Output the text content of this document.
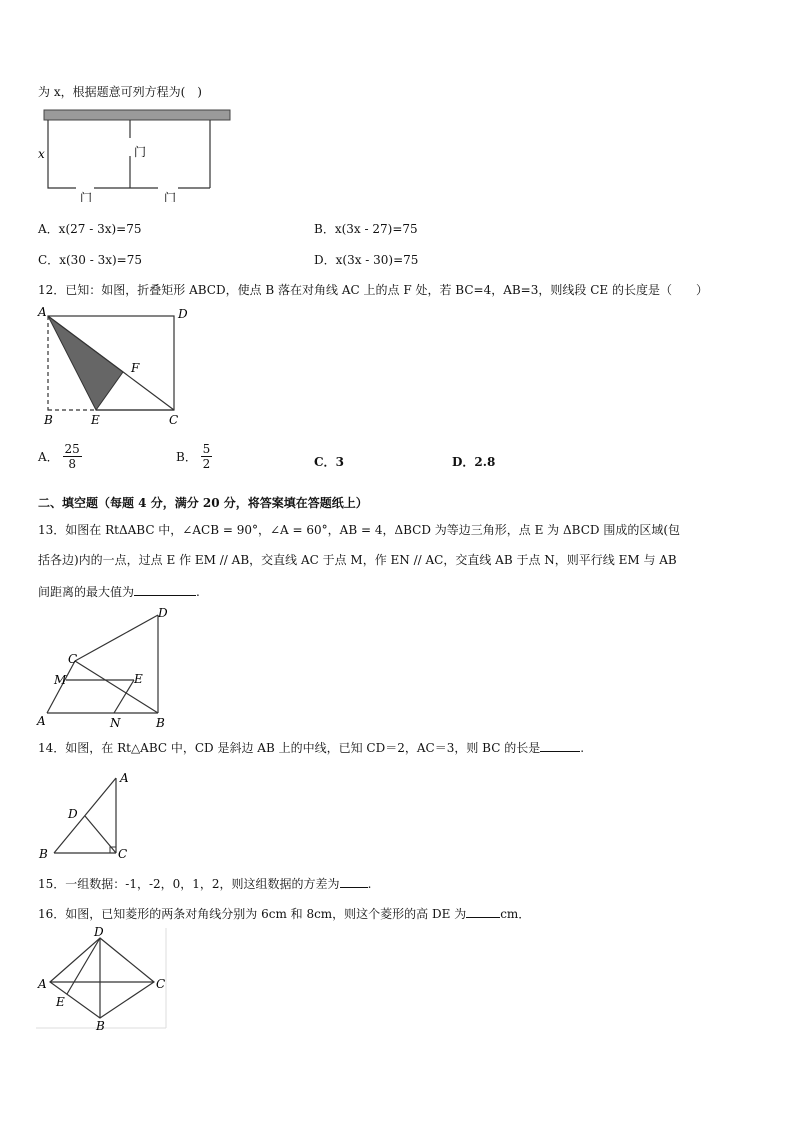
为 x，根据题意可列方程为(　)
x	门
门	门
A．x(27 - 3x)=75	B．x(3x - 27)=75
C．x(30 - 3x)=75	D．x(3x - 30)=75
12．已知：如图，折叠矩形 ABCD，使点 B 落在对角线 AC 上的点 F 处，若 BC=4，AB=3，则线段 CE 的长度是（　　）
A	D
B	E	C
F
A． $\frac{25}{8}$	B． $\frac{5}{2}$	C．3	D．2.8
二、填空题（每题 4 分，满分 20 分，将答案填在答题纸上）
13．如图在 RtΔABC 中，∠ACB = 90°，∠A = 60°，AB = 4，ΔBCD 为等边三角形，点 E 为 ΔBCD 围成的区域(包
括各边)内的一点，过点 E 作 EM // AB，交直线 AC 于点 M，作 EN // AC，交直线 AB 于点 N，则平行线 EM 与 AB
间距离的最大值为	.
A	B
C
D
E
M
N
14．如图，在 Rt△ABC 中，CD 是斜边 AB 上的中线，已知 CD＝2，AC＝3，则 BC 的长是	.
A
B	C
D
15．一组数据：-1，-2，0，1，2，则这组数据的方差为 .
16．如图，已知菱形的两条对角线分别为 6cm 和 8cm，则这个菱形的高 DE 为	cm．
A
B
C
D
E
